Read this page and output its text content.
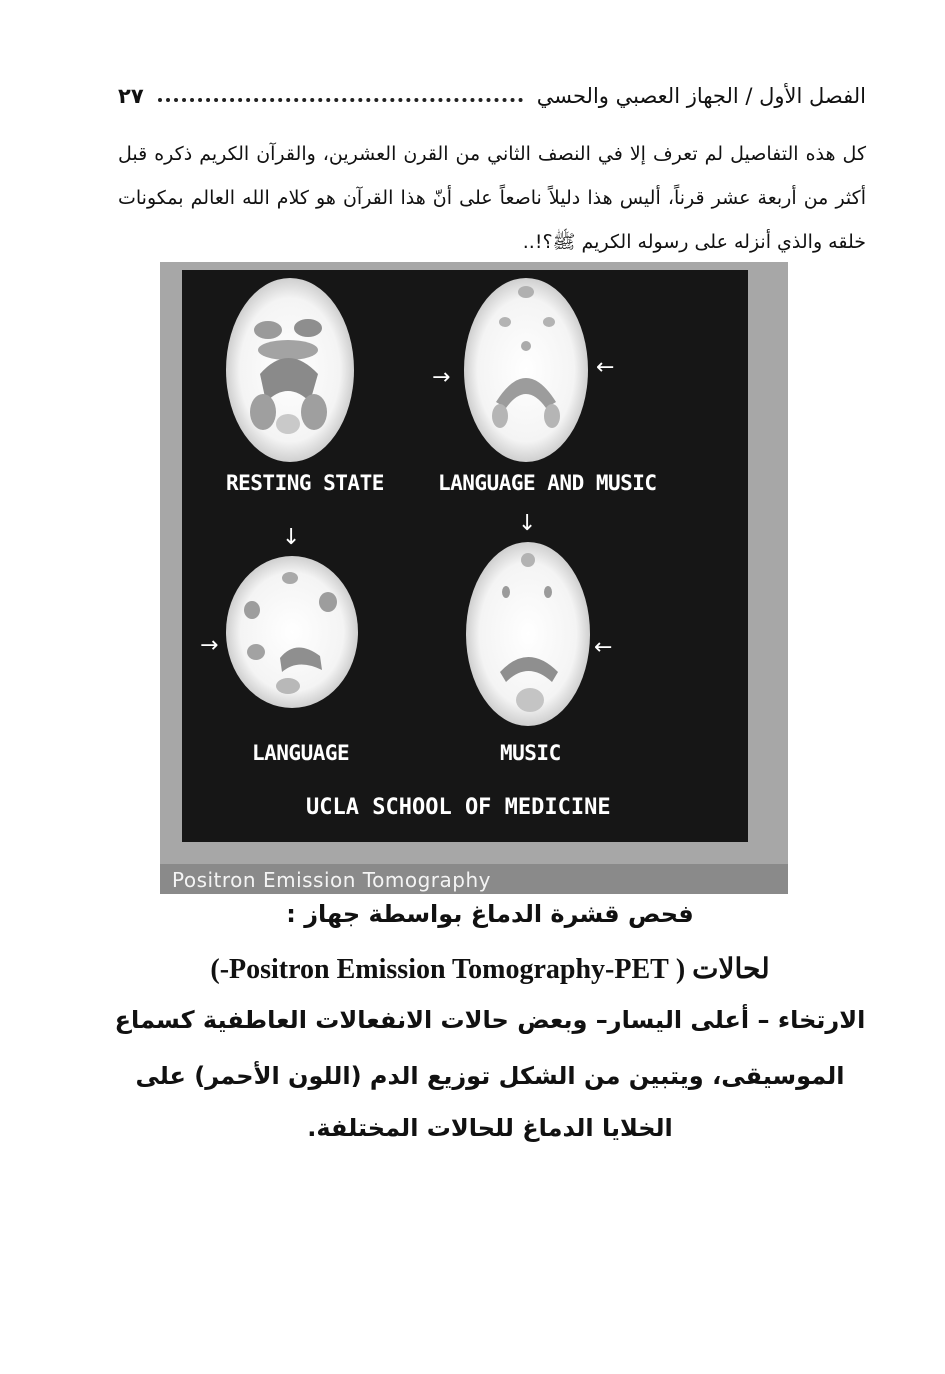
٢٧	الفصل الأول / الجهاز العصبي والحسي
كل هذه التفاصيل لم تعرف إلا في النصف الثاني من القرن العشرين، والقرآن الكريم ذكره قبل أكثر من أربعة عشر قرناً، أليس هذا دليلاً ناصعاً على أنّ هذا القرآن هو كلام الله العالم بمكونات خلقه والذي أنزله على رسوله الكريم ﷺ؟!..
→	←
RESTING STATE	LANGUAGE AND MUSIC
↓
↓
→	←
LANGUAGE	MUSIC
UCLA SCHOOL OF MEDICINE
Positron Emission Tomography
فحص قشرة الدماغ بواسطة جهاز :
لحالات ( Positron Emission Tomography-PET-)
الارتخاء – أعلى اليسار– وبعض حالات الانفعالات العاطفية كسماع
الموسيقى، ويتبين من الشكل توزيع الدم (اللون الأحمر) على
الخلايا الدماغ للحالات المختلفة.
